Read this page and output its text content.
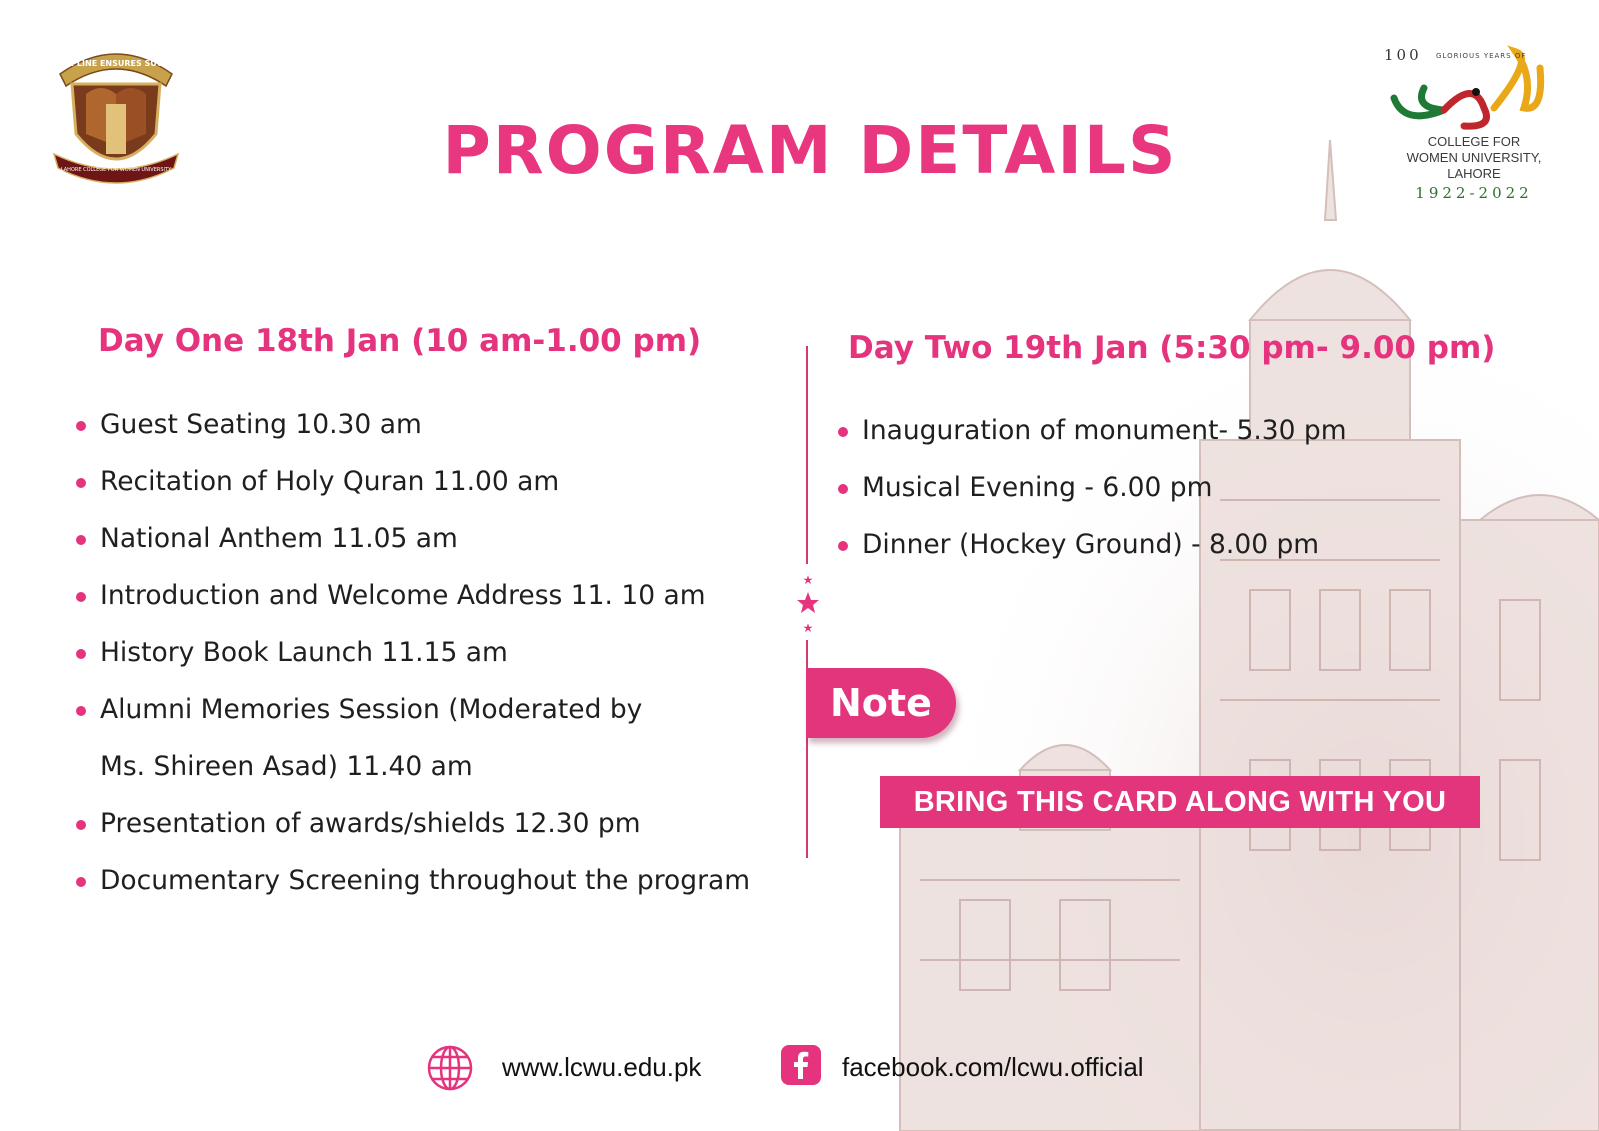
DISCIPLINE ENSURES SUCCESS
LAHORE COLLEGE FOR WOMEN UNIVERSITY
100 GLORIOUS YEARS OF
COLLEGE FOR
WOMEN UNIVERSITY,
LAHORE
1922-2022
PROGRAM DETAILS
Day One 18th Jan (10 am-1.00 pm)
Guest Seating 10.30 am
Recitation of Holy Quran 11.00 am
National Anthem 11.05 am
Introduction and Welcome Address 11. 10 am
History Book Launch 11.15 am
Alumni Memories Session (Moderated by
Ms. Shireen Asad) 11.40 am
Presentation of awards/shields 12.30 pm
Documentary Screening throughout the program
Day Two 19th Jan (5:30 pm- 9.00 pm)
Inauguration of monument- 5.30 pm
Musical Evening - 6.00 pm
Dinner (Hockey Ground) - 8.00 pm
Note
BRING THIS CARD ALONG WITH YOU
www.lcwu.edu.pk	facebook.com/lcwu.official
